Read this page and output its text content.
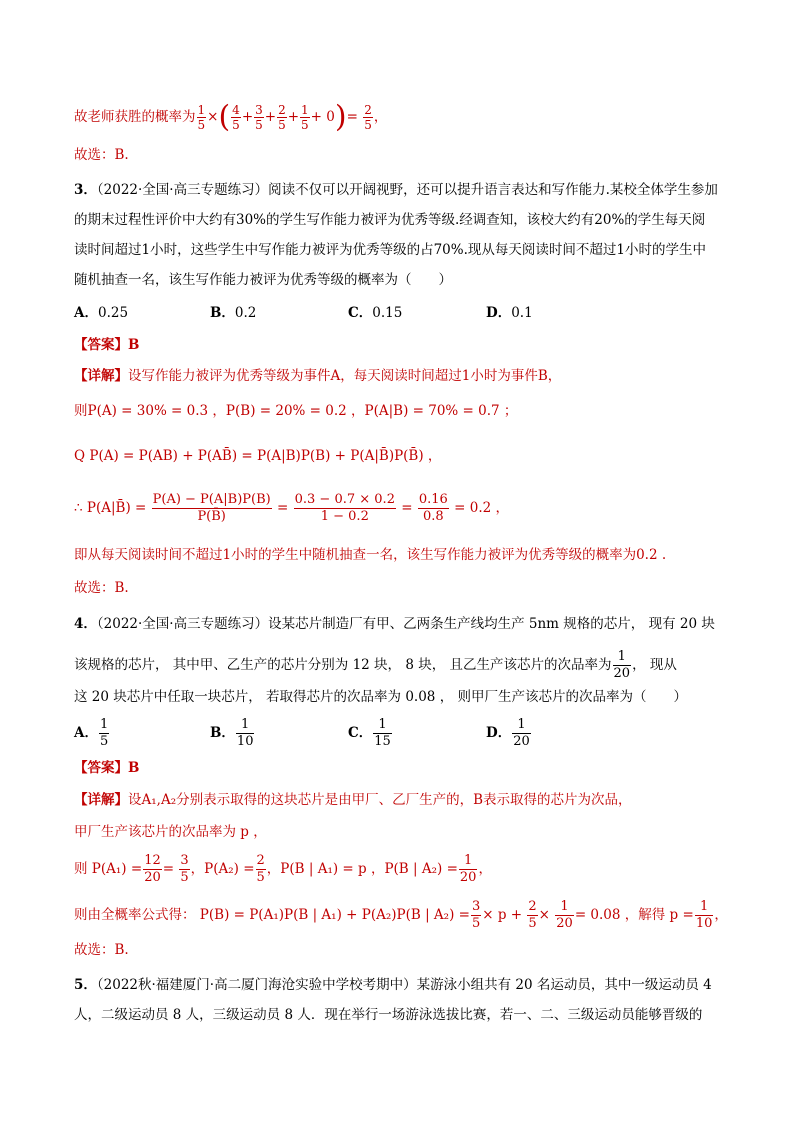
故老师获胜的概率为 $\frac{1}{5}$ ×( $\frac{4}{5} + \frac{3}{5} + \frac{2}{5} + \frac{1}{5} + 0)= \frac{2}{5}$ ，
故选：B.
3．（2022·全国·高三专题练习）阅读不仅可以开阔视野，还可以提升语言表达和写作能力.某校全体学生参加
的期末过程性评价中大约有30%的学生写作能力被评为优秀等级.经调查知，该校大约有20%的学生每天阅
读时间超过1小时，这些学生中写作能力被评为优秀等级的占70%.现从每天阅读时间不超过1小时的学生中
随机抽查一名，该生写作能力被评为优秀等级的概率为（　　）
A．0.25	B．0.2	C．0.15	D．0.1
【答案】B
【详解】设写作能力被评为优秀等级为事件A，每天阅读时间超过1小时为事件B，
则P(A) = 30% = 0.3 ，P(B) = 20% = 0.2 ，P(A|B) = 70% = 0.7 ；
Q P(A) = P(AB) + P(AB̄) = P(A|B)P(B) + P(A|B̄)P(B̄) ，
∴ P(A|B̄) = $\frac{P(A) - P(A|B)P(B)}{P(B̄)} = \frac{0.3 - 0.7 \times 0.2}{1 - 0.2} = \frac{0.16}{0.8} = 0.2$ ，
即从每天阅读时间不超过1小时的学生中随机抽查一名，该生写作能力被评为优秀等级的概率为0.2 .
故选：B.
4．（2022·全国·高三专题练习）设某芯片制造厂有甲、乙两条生产线均生产 5nm 规格的芯片， 现有 20 块
该规格的芯片， 其中甲、乙生产的芯片分别为 12 块， 8 块， 且乙生产该芯片的次品率为 $\frac{1}{20}$ ， 现从
这 20 块芯片中任取一块芯片， 若取得芯片的次品率为 0.08 ， 则甲厂生产该芯片的次品率为（　　）
A． $\frac{1}{5}$	B． $\frac{1}{10}$	C． $\frac{1}{15}$	D． $\frac{1}{20}$
【答案】B
【详解】设A₁,A₂分别表示取得的这块芯片是由甲厂、乙厂生产的，B表示取得的芯片为次品，
甲厂生产该芯片的次品率为 p ，
则 $P(A_1) = \frac{12}{20} = \frac{3}{5}$ ，$P(A_2) = \frac{2}{5}$ ，P(B | A₁) = p ，P(B | $A_2) = \frac{1}{20}$ ，
则由全概率公式得： P(B) = P(A₁)P(B | A₁) + P(A₂)P(B | $A_2) = \frac{3}{5} \times p + \frac{2}{5} \times \frac{1}{20} = 0.08$ ，解得 $p = \frac{1}{10}$ ，
故选：B.
5．（2022秋·福建厦门·高二厦门海沧实验中学校考期中）某游泳小组共有 20 名运动员，其中一级运动员 4
人，二级运动员 8 人，三级运动员 8 人．现在举行一场游泳选拔比赛，若一、二、三级运动员能够晋级的
